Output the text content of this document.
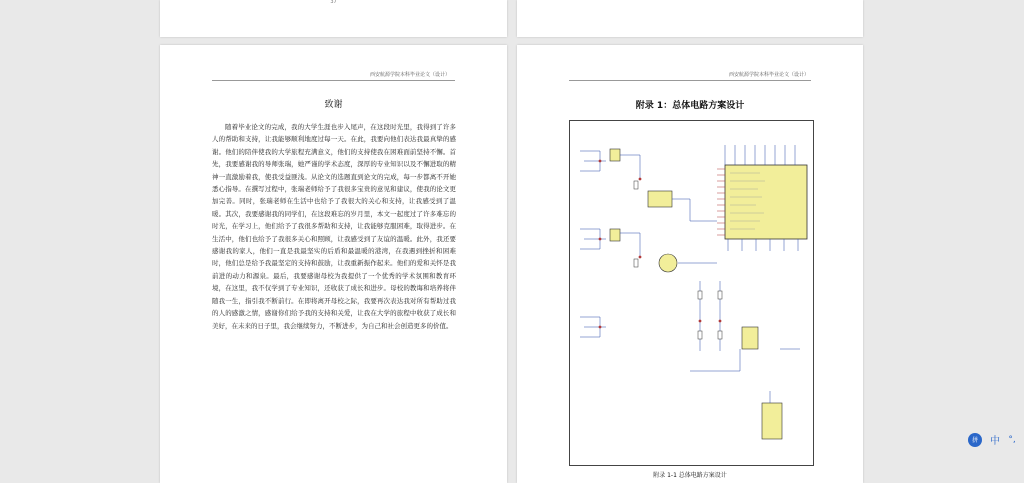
37
西安航源学院本科毕业论文（设计）
致谢
随着毕业论文的完成，我的大学生涯也步入尾声，在这段时光里，我得到了许多人的帮助和支持，让我能够顺利地度过每一天。在此，我要向他们表达我最真挚的感谢。他们的陪伴使我的大学旅程充满意义，他们的支持使我在困难面前坚持不懈。首先，我要感谢我的导师张瑞，她严谨的学术态度，深厚的专业知识以及不懈进取的精神一直激励着我，使我受益匪浅。从论文的选题直到论文的完成，每一步都离不开她悉心指导。在撰写过程中，张瑞老师给予了我很多宝贵的意见和建议，使我的论文更加完善。同时，张瑞老师在生活中也给予了我很大的关心和支持，让我感受到了温暖。其次，我要感谢我的同学们，在这段难忘的岁月里，本文一起度过了许多难忘的时光，在学习上，他们给予了我很多帮助和支持，让我能够克服困难，取得进步。在生活中，他们也给予了我很多关心和照顾，让我感受到了友谊的温暖。此外，我还要感谢我的家人，他们一直是我最坚实的后盾和最温暖的港湾，在我遇到挫折和困难时，他们总是给予我最坚定的支持和鼓励，让我重新振作起来。他们的爱和关怀是我前进的动力和源泉。最后，我要感谢母校为我提供了一个优秀的学术氛围和教育环境，在这里，我不仅学到了专业知识，还收获了成长和进步。母校的教诲和培养将伴随我一生，指引我不断前行。在即将离开母校之际，我要再次表达我对所有帮助过我的人的感激之情，感谢你们给予我的支持和关爱，让我在大学的旅程中收获了成长和美好，在未来的日子里，我会继续努力，不断进步，为自己和社会创造更多的价值。
西安航源学院本科毕业论文（设计）
附录 1：总体电路方案设计
附录 1-1 总体电路方案设计
拼	中 °,
